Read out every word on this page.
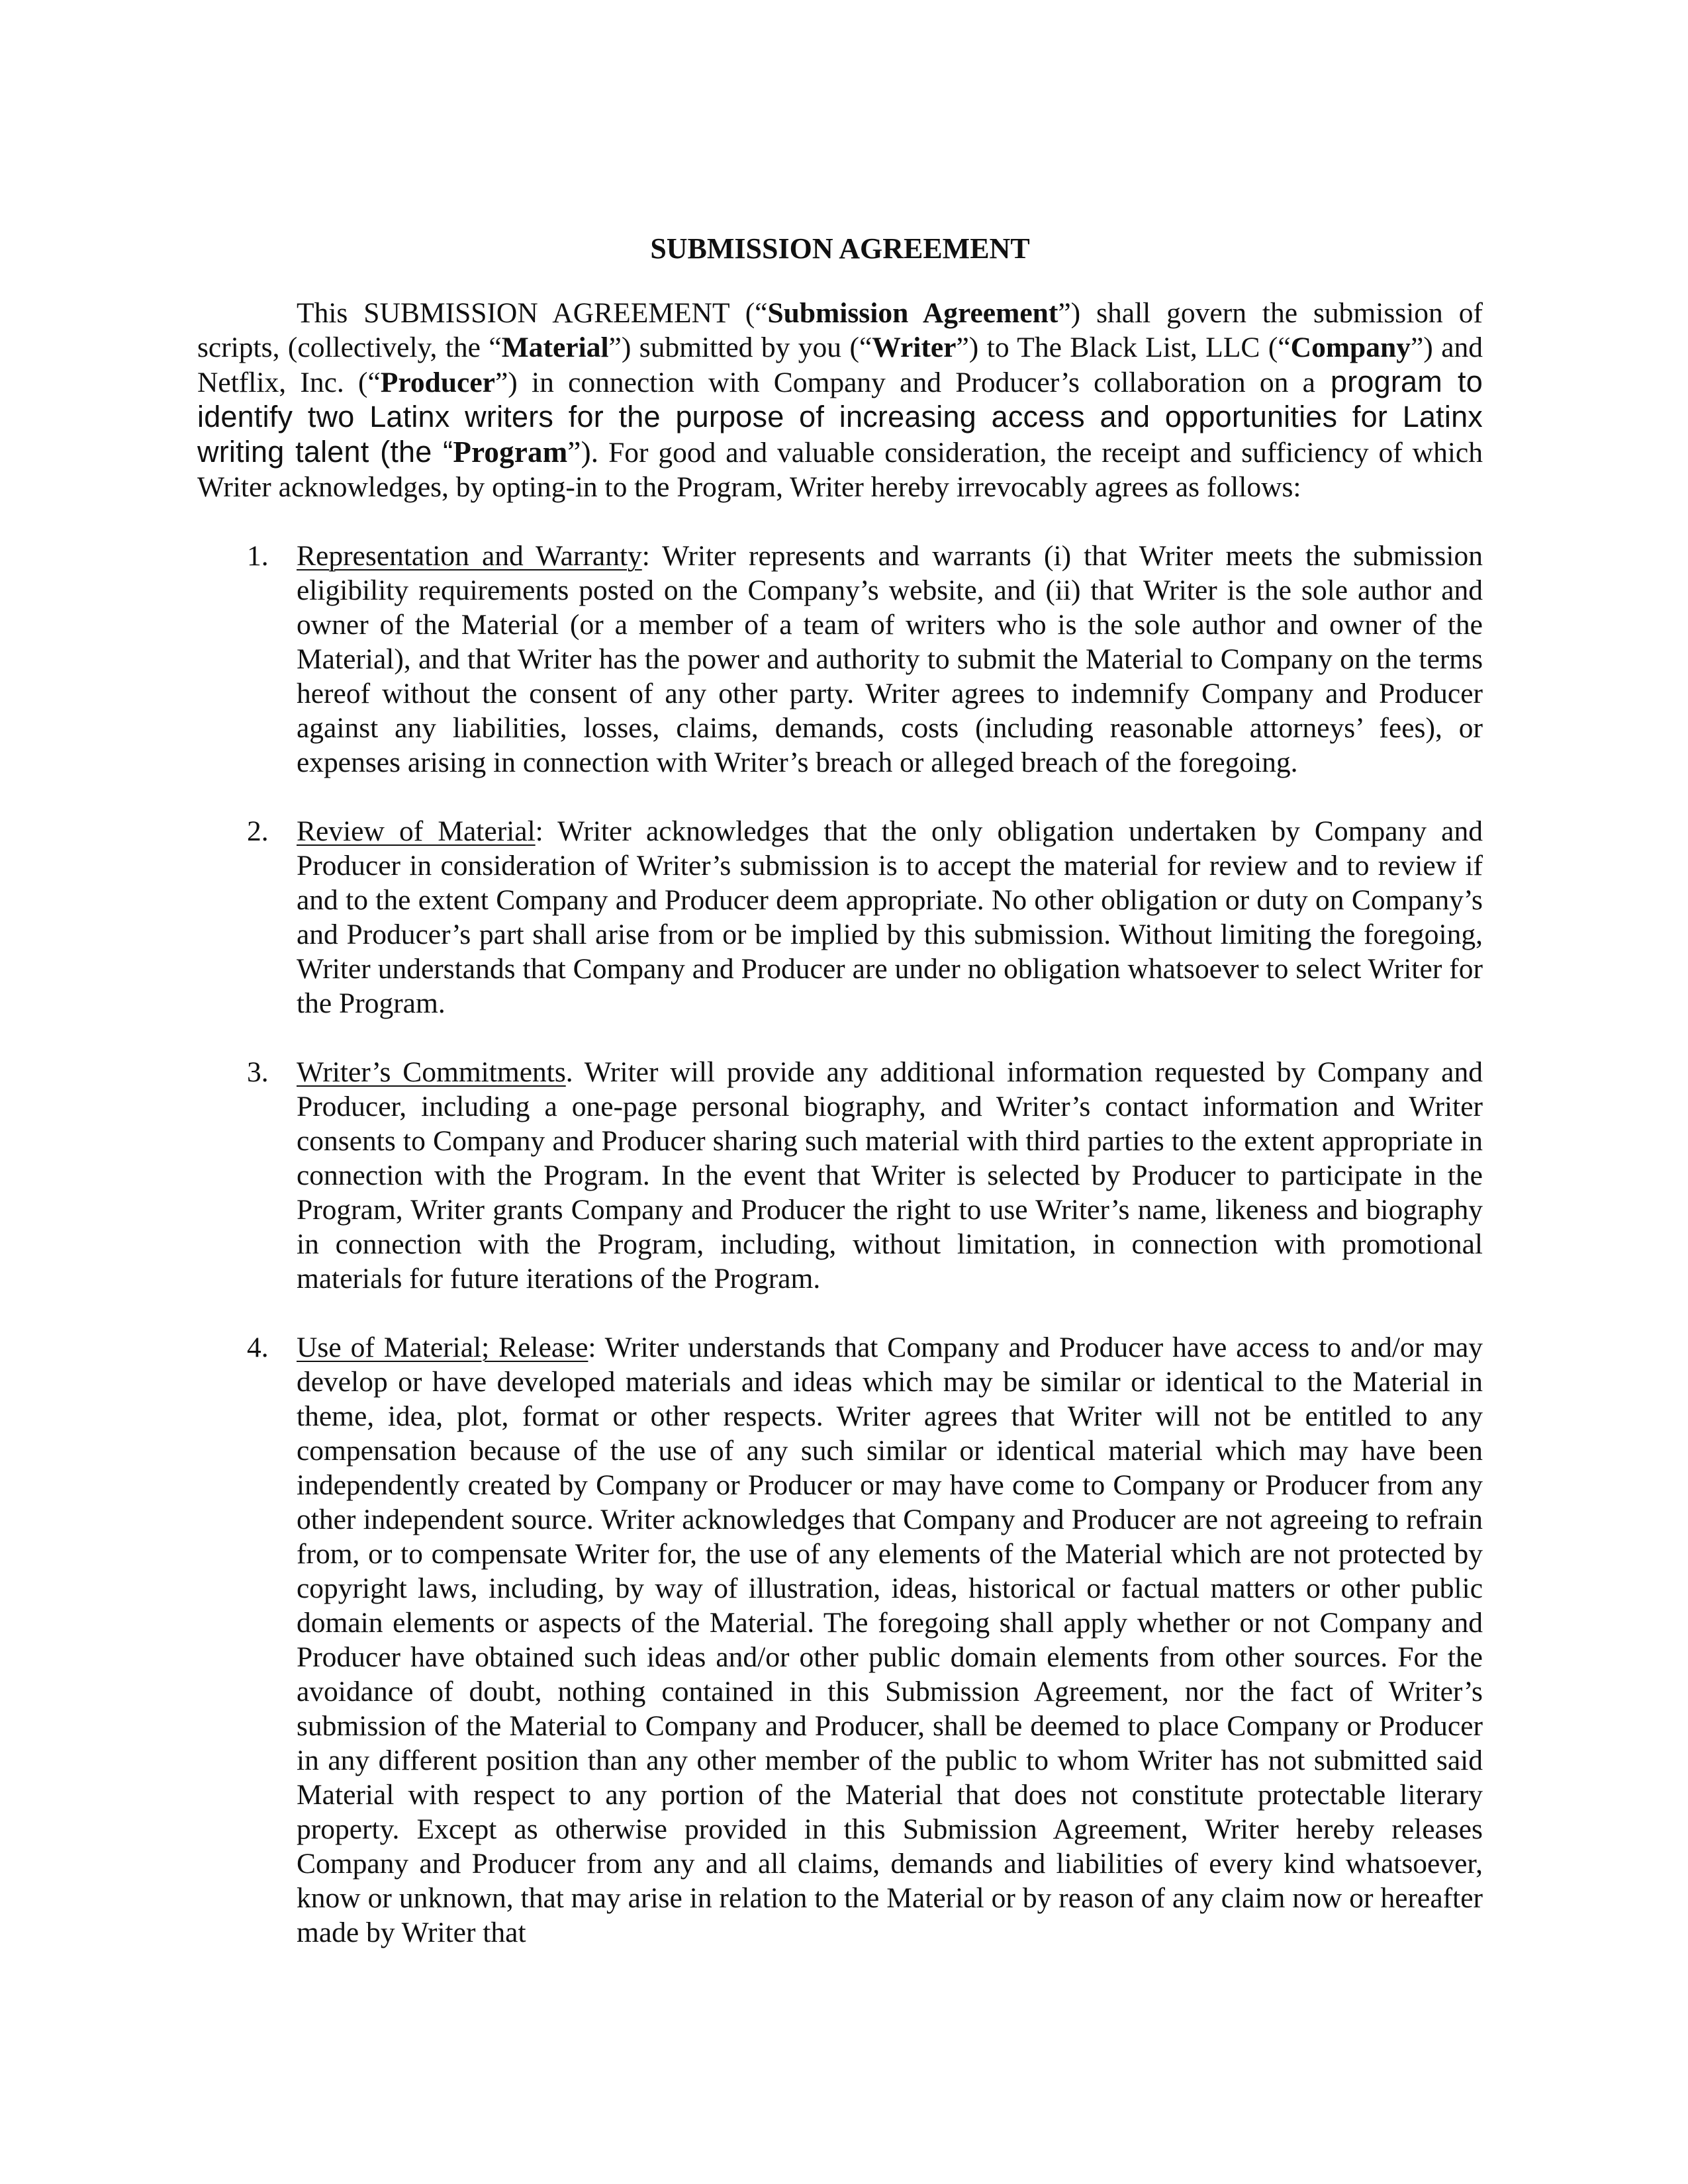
SUBMISSION AGREEMENT

This SUBMISSION AGREEMENT (“Submission Agreement”) shall govern the submission of scripts, (collectively, the “Material”) submitted by you (“Writer”) to The Black List, LLC (“Company”) and Netflix, Inc. (“Producer”) in connection with Company and Producer’s collaboration on a program to identify two Latinx writers for the purpose of increasing access and opportunities for Latinx writing talent (the “Program”). For good and valuable consideration, the receipt and sufficiency of which Writer acknowledges, by opting-in to the Program, Writer hereby irrevocably agrees as follows:

1. Representation and Warranty: Writer represents and warrants (i) that Writer meets the submission eligibility requirements posted on the Company’s website, and (ii) that Writer is the sole author and owner of the Material (or a member of a team of writers who is the sole author and owner of the Material), and that Writer has the power and authority to submit the Material to Company on the terms hereof without the consent of any other party. Writer agrees to indemnify Company and Producer against any liabilities, losses, claims, demands, costs (including reasonable attorneys’ fees), or expenses arising in connection with Writer’s breach or alleged breach of the foregoing.
2. Review of Material: Writer acknowledges that the only obligation undertaken by Company and Producer in consideration of Writer’s submission is to accept the material for review and to review if and to the extent Company and Producer deem appropriate. No other obligation or duty on Company’s and Producer’s part shall arise from or be implied by this submission. Without limiting the foregoing, Writer understands that Company and Producer are under no obligation whatsoever to select Writer for the Program.
3. Writer’s Commitments. Writer will provide any additional information requested by Company and Producer, including a one-page personal biography, and Writer’s contact information and Writer consents to Company and Producer sharing such material with third parties to the extent appropriate in connection with the Program. In the event that Writer is selected by Producer to participate in the Program, Writer grants Company and Producer the right to use Writer’s name, likeness and biography in connection with the Program, including, without limitation, in connection with promotional materials for future iterations of the Program.
4. Use of Material; Release: Writer understands that Company and Producer have access to and/or may develop or have developed materials and ideas which may be similar or identical to the Material in theme, idea, plot, format or other respects. Writer agrees that Writer will not be entitled to any compensation because of the use of any such similar or identical material which may have been independently created by Company or Producer or may have come to Company or Producer from any other independent source. Writer acknowledges that Company and Producer are not agreeing to refrain from, or to compensate Writer for, the use of any elements of the Material which are not protected by copyright laws, including, by way of illustration, ideas, historical or factual matters or other public domain elements or aspects of the Material. The foregoing shall apply whether or not Company and Producer have obtained such ideas and/or other public domain elements from other sources. For the avoidance of doubt, nothing contained in this Submission Agreement, nor the fact of Writer’s submission of the Material to Company and Producer, shall be deemed to place Company or Producer in any different position than any other member of the public to whom Writer has not submitted said Material with respect to any portion of the Material that does not constitute protectable literary property. Except as otherwise provided in this Submission Agreement, Writer hereby releases Company and Producer from any and all claims, demands and liabilities of every kind whatsoever, know or unknown, that may arise in relation to the Material or by reason of any claim now or hereafter made by Writer that
